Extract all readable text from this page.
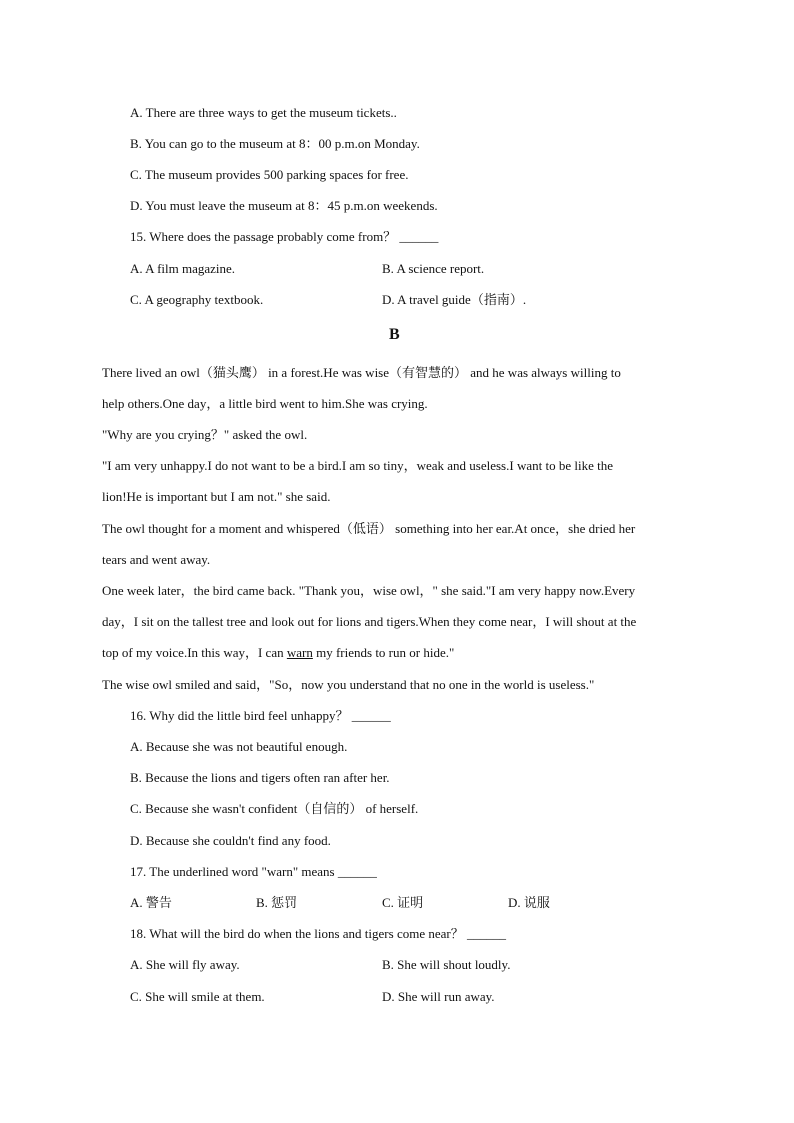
A. There are three ways to get the museum tickets..
B. You can go to the museum at 8：00 p.m.on Monday.
C. The museum provides 500 parking spaces for free.
D. You must leave the museum at 8：45 p.m.on weekends.
15. Where does the passage probably come from？ ______
A. A film magazine.	B. A science report.
C. A geography textbook.	D. A travel guide（指南）.
B
There lived an owl（猫头鹰） in a forest.He was wise（有智慧的） and he was always willing to
help others.One day，a little bird went to him.She was crying.
"Why are you crying？" asked the owl.
"I am very unhappy.I do not want to be a bird.I am so tiny，weak and useless.I want to be like the
lion!He is important but I am not." she said.
The owl thought for a moment and whispered（低语） something into her ear.At once，she dried her
tears and went away.
One week later，the bird came back. "Thank you，wise owl，" she said."I am very happy now.Every
day，I sit on the tallest tree and look out for lions and tigers.When they come near，I will shout at the
top of my voice.In this way，I can warn my friends to run or hide."
The wise owl smiled and said，"So，now you understand that no one in the world is useless."
16. Why did the little bird feel unhappy？ ______
A. Because she was not beautiful enough.
B. Because the lions and tigers often ran after her.
C. Because she wasn't confident（自信的） of herself.
D. Because she couldn't find any food.
17. The underlined word "warn" means ______
A. 警告	B. 惩罚	C. 证明	D. 说服
18. What will the bird do when the lions and tigers come near？ ______
A. She will fly away.	B. She will shout loudly.
C. She will smile at them.	D. She will run away.
